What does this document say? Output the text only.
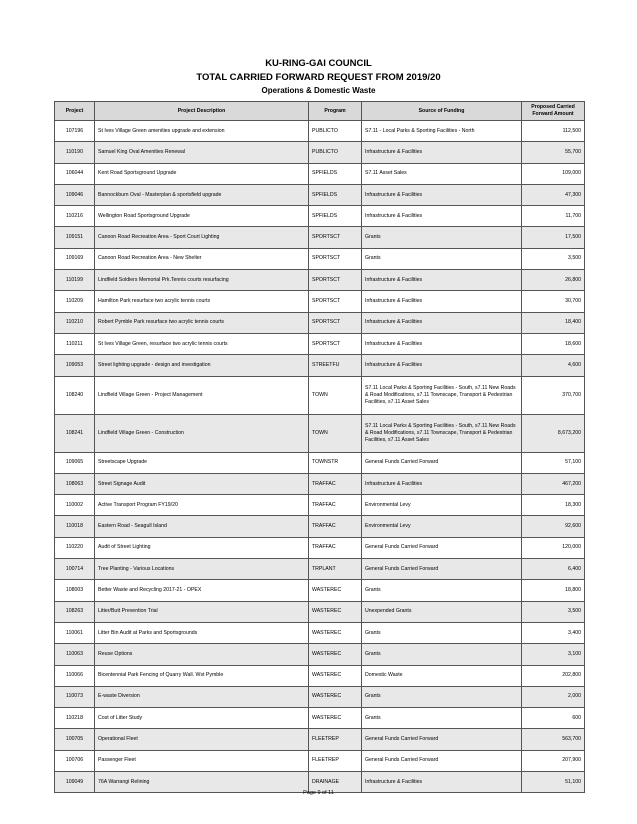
KU-RING-GAI COUNCIL
TOTAL CARRIED FORWARD REQUEST FROM 2019/20
Operations & Domestic Waste
Project	Project Description	Program	Source of Funding	Proposed Carried Forward Amount
107196	St Ives Village Green amenities upgrade and extension	PUBLICTO	S7.11 - Local Parks & Sporting Facilities - North	112,500
110190	Samuel King Oval Amenities Renewal	PUBLICTO	Infrastructure & Facilities	55,700
106044	Kent Road Sportsground Upgrade	SPFIELDS	S7.11 Asset Sales	109,000
109046	Bannockburn Oval - Masterplan & sportsfield upgrade	SPFIELDS	Infrastructure & Facilities	47,300
110216	Wellington Road Sportsground Upgrade	SPFIELDS	Infrastructure & Facilities	11,700
109151	Canoon Road Recreation Area - Sport Court Lighting	SPORTSCT	Grants	17,500
109169	Canoon Road Recreation Area - New Shelter	SPORTSCT	Grants	3,500
110199	Lindfield Soldiers Memorial Prk.Tennis courts resurfacing	SPORTSCT	Infrastructure & Facilities	26,800
110209	Hamilton Park resurface two acrylic tennis courts	SPORTSCT	Infrastructure & Facilities	30,700
110210	Robert Pymble Park resurface two acrylic tennis courts	SPORTSCT	Infrastructure & Facilities	18,400
110211	St Ives Village Green, resurface two acrylic tennis courts	SPORTSCT	Infrastructure & Facilities	18,600
109053	Street lighting upgrade - design and investigation	STREETFU	Infrastructure & Facilities	4,600
108240	Lindfield Village Green - Project Management	TOWN	S7.11 Local Parks & Sporting Facilities - South, s7.11 New Roads & Road Modifications, s7.11 Townscape, Transport & Pedestrian Facilities, s7.11 Asset Sales	370,700
108241	Lindfield Village Green - Construction	TOWN	S7.11 Local Parks & Sporting Facilities - South, s7.11 New Roads & Road Modifications, s7.11 Townscape, Transport & Pedestrian Facilities, s7.11 Asset Sales	8,673,200
109065	Streetscape Upgrade	TOWNSTR	General Funds Carried Forward	57,100
108063	Street Signage Audit	TRAFFAC	Infrastructure & Facilities	467,200
110002	Active Transport Program FY19/20	TRAFFAC	Environmental Levy	18,300
110018	Eastern Road - Seagull Island	TRAFFAC	Environmental Levy	92,600
110220	Audit of Street Lighting	TRAFFAC	General Funds Carried Forward	120,000
100714	Tree Planting - Various Locations	TRPLANT	General Funds Carried Forward	6,400
108003	Better Waste and Recycling 2017-21 - OPEX	WASTEREC	Grants	18,800
108263	Litter/Butt Prevention Trial	WASTEREC	Unexpended Grants	3,500
110061	Litter Bin Audit at Parks and Sportsgrounds	WASTEREC	Grants	3,400
110063	Reuse Options	WASTEREC	Grants	3,100
110066	Bicentennial Park Fencing of Quarry Wall. Wst Pymble	WASTEREC	Domestic Waste	202,800
110073	E-waste Diversion	WASTEREC	Grants	2,000
110218	Cost of Litter Study	WASTEREC	Grants	600
100705	Operational Fleet	FLEETREP	General Funds Carried Forward	563,700
100706	Passenger Fleet	FLEETREP	General Funds Carried Forward	207,900
109049	76A Warrangi Relining	DRAINAGE	Infrastructure & Facilities	51,100
Page 9 of 11
